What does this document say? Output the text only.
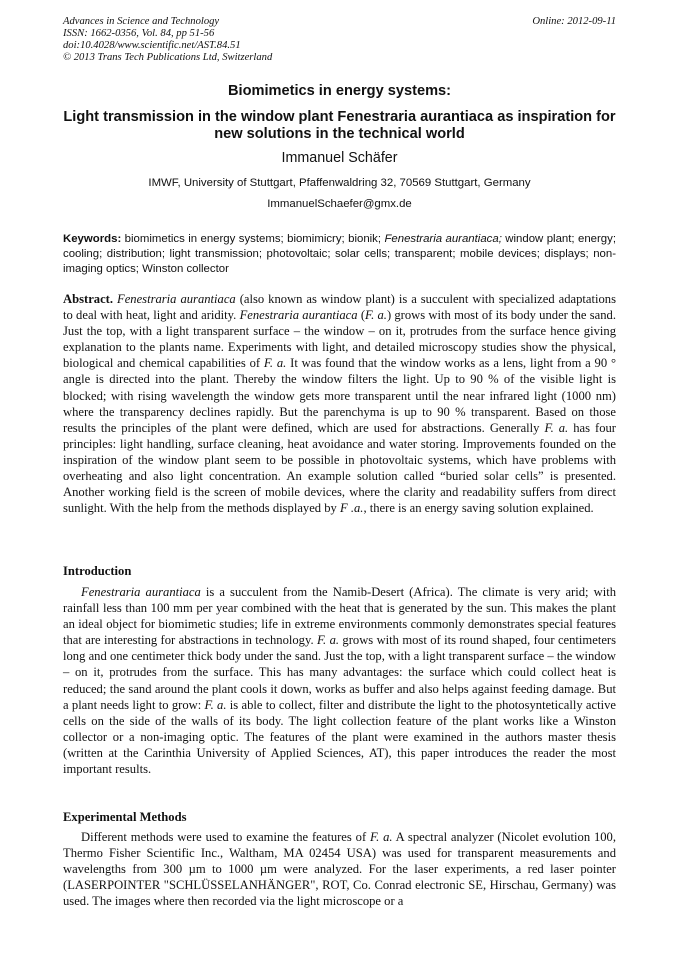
Advances in Science and Technology
ISSN: 1662-0356, Vol. 84, pp 51-56
doi:10.4028/www.scientific.net/AST.84.51
© 2013 Trans Tech Publications Ltd, Switzerland
Online: 2012-09-11
Biomimetics in energy systems:
Light transmission in the window plant Fenestraria aurantiaca as inspiration for new solutions in the technical world
Immanuel Schäfer
IMWF, University of Stuttgart, Pfaffenwaldring 32, 70569 Stuttgart, Germany
ImmanuelSchaefer@gmx.de
Keywords: biomimetics in energy systems; biomimicry; bionik; Fenestraria aurantiaca; window plant; energy; cooling; distribution; light transmission; photovoltaic; solar cells; transparent; mobile devices; displays; non-imaging optics; Winston collector

Abstract. Fenestraria aurantiaca (also known as window plant) is a succulent with specialized adaptations to deal with heat, light and aridity. Fenestraria aurantiaca (F. a.) grows with most of its body under the sand. Just the top, with a light transparent surface – the window – on it, protrudes from the surface hence giving explanation to the plants name. Experiments with light, and detailed microscopy studies show the physical, biological and chemical capabilities of F. a. It was found that the window works as a lens, light from a 90 ° angle is directed into the plant. Thereby the window filters the light. Up to 90 % of the visible light is blocked; with rising wavelength the window gets more transparent until the near infrared light (1000 nm) where the transparency declines rapidly. But the parenchyma is up to 90 % transparent. Based on those results the principles of the plant were defined, which are used for abstractions. Generally F. a. has four principles: light handling, surface cleaning, heat avoidance and water storing. Improvements founded on the inspiration of the window plant seem to be possible in photovoltaic systems, which have problems with overheating and also light concentration. An example solution called “buried solar cells” is presented. Another working field is the screen of mobile devices, where the clarity and readability suffers from direct sunlight. With the help from the methods displayed by F .a., there is an energy saving solution explained.

Introduction

Fenestraria aurantiaca is a succulent from the Namib-Desert (Africa). The climate is very arid; with rainfall less than 100 mm per year combined with the heat that is generated by the sun. This makes the plant an ideal object for biomimetic studies; life in extreme environments commonly demonstrates special features that are interesting for abstractions in technology. F. a. grows with most of its round shaped, four centimeters long and one centimeter thick body under the sand. Just the top, with a light transparent surface – the window – on it, protrudes from the surface. This has many advantages: the surface which could collect heat is reduced; the sand around the plant cools it down, works as buffer and also helps against feeding damage. But a plant needs light to grow: F. a. is able to collect, filter and distribute the light to the photosyntetically active cells on the side of the walls of its body. The light collection feature of the plant works like a Winston collector or a non-imaging optic. The features of the plant were examined in the authors master thesis (written at the Carinthia University of Applied Sciences, AT), this paper introduces the reader the most important results.

Experimental Methods

Different methods were used to examine the features of F. a. A spectral analyzer (Nicolet evolution 100, Thermo Fisher Scientific Inc., Waltham, MA 02454 USA) was used for transparent measurements and wavelengths from 300 µm to 1000 µm were analyzed. For the laser experiments, a red laser pointer (LASERPOINTER "SCHLÜSSELANHÄNGER", ROT, Co. Conrad electronic SE, Hirschau, Germany) was used. The images where then recorded via the light microscope or a
